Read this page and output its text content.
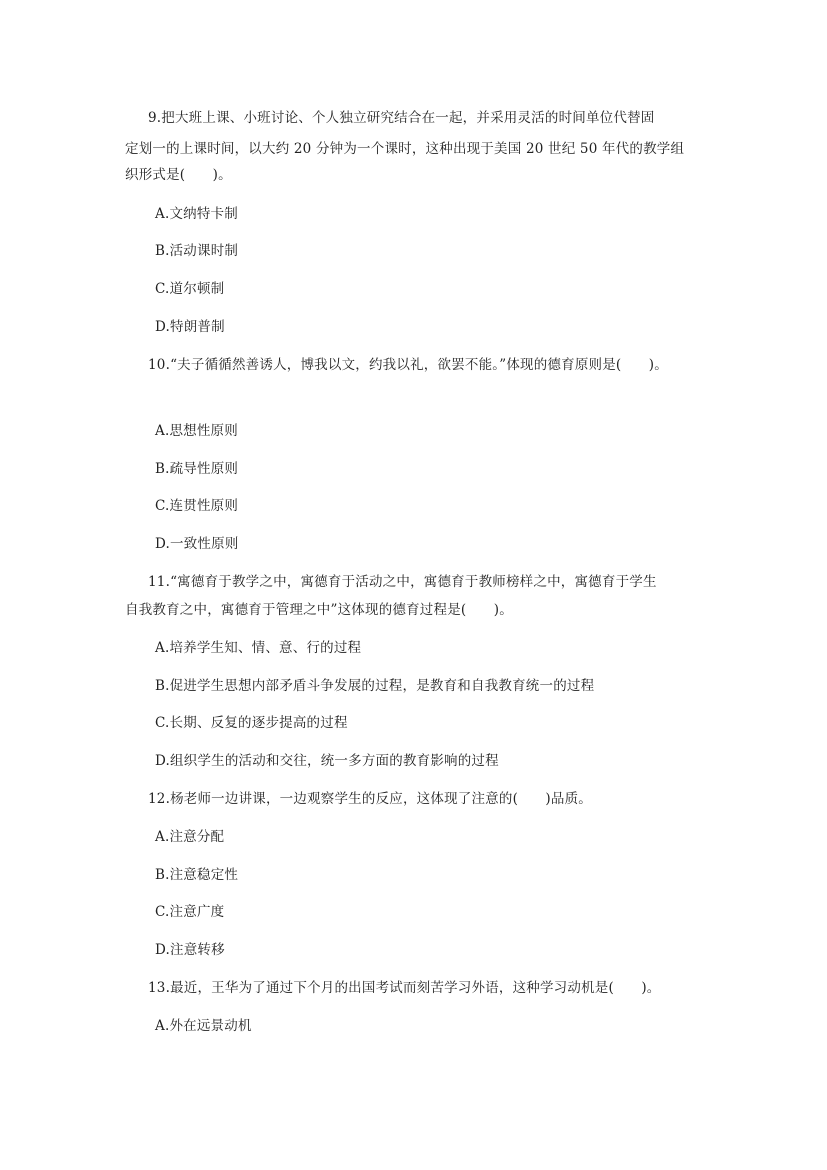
9.把大班上课、小班讨论、个人独立研究结合在一起，并采用灵活的时间单位代替固
定划一的上课时间，以大约 20 分钟为一个课时，这种出现于美国 20 世纪 50 年代的教学组
织形式是(　　)。
A.文纳特卡制
B.活动课时制
C.道尔顿制
D.特朗普制
10.“夫子循循然善诱人，博我以文，约我以礼，欲罢不能。”体现的德育原则是(　　)。
A.思想性原则
B.疏导性原则
C.连贯性原则
D.一致性原则
11.“寓德育于教学之中，寓德育于活动之中，寓德育于教师榜样之中，寓德育于学生
自我教育之中，寓德育于管理之中”这体现的德育过程是(　　)。
A.培养学生知、情、意、行的过程
B.促进学生思想内部矛盾斗争发展的过程，是教育和自我教育统一的过程
C.长期、反复的逐步提高的过程
D.组织学生的活动和交往，统一多方面的教育影响的过程
12.杨老师一边讲课，一边观察学生的反应，这体现了注意的(　　)品质。
A.注意分配
B.注意稳定性
C.注意广度
D.注意转移
13.最近，王华为了通过下个月的出国考试而刻苦学习外语，这种学习动机是(　　)。
A.外在远景动机
